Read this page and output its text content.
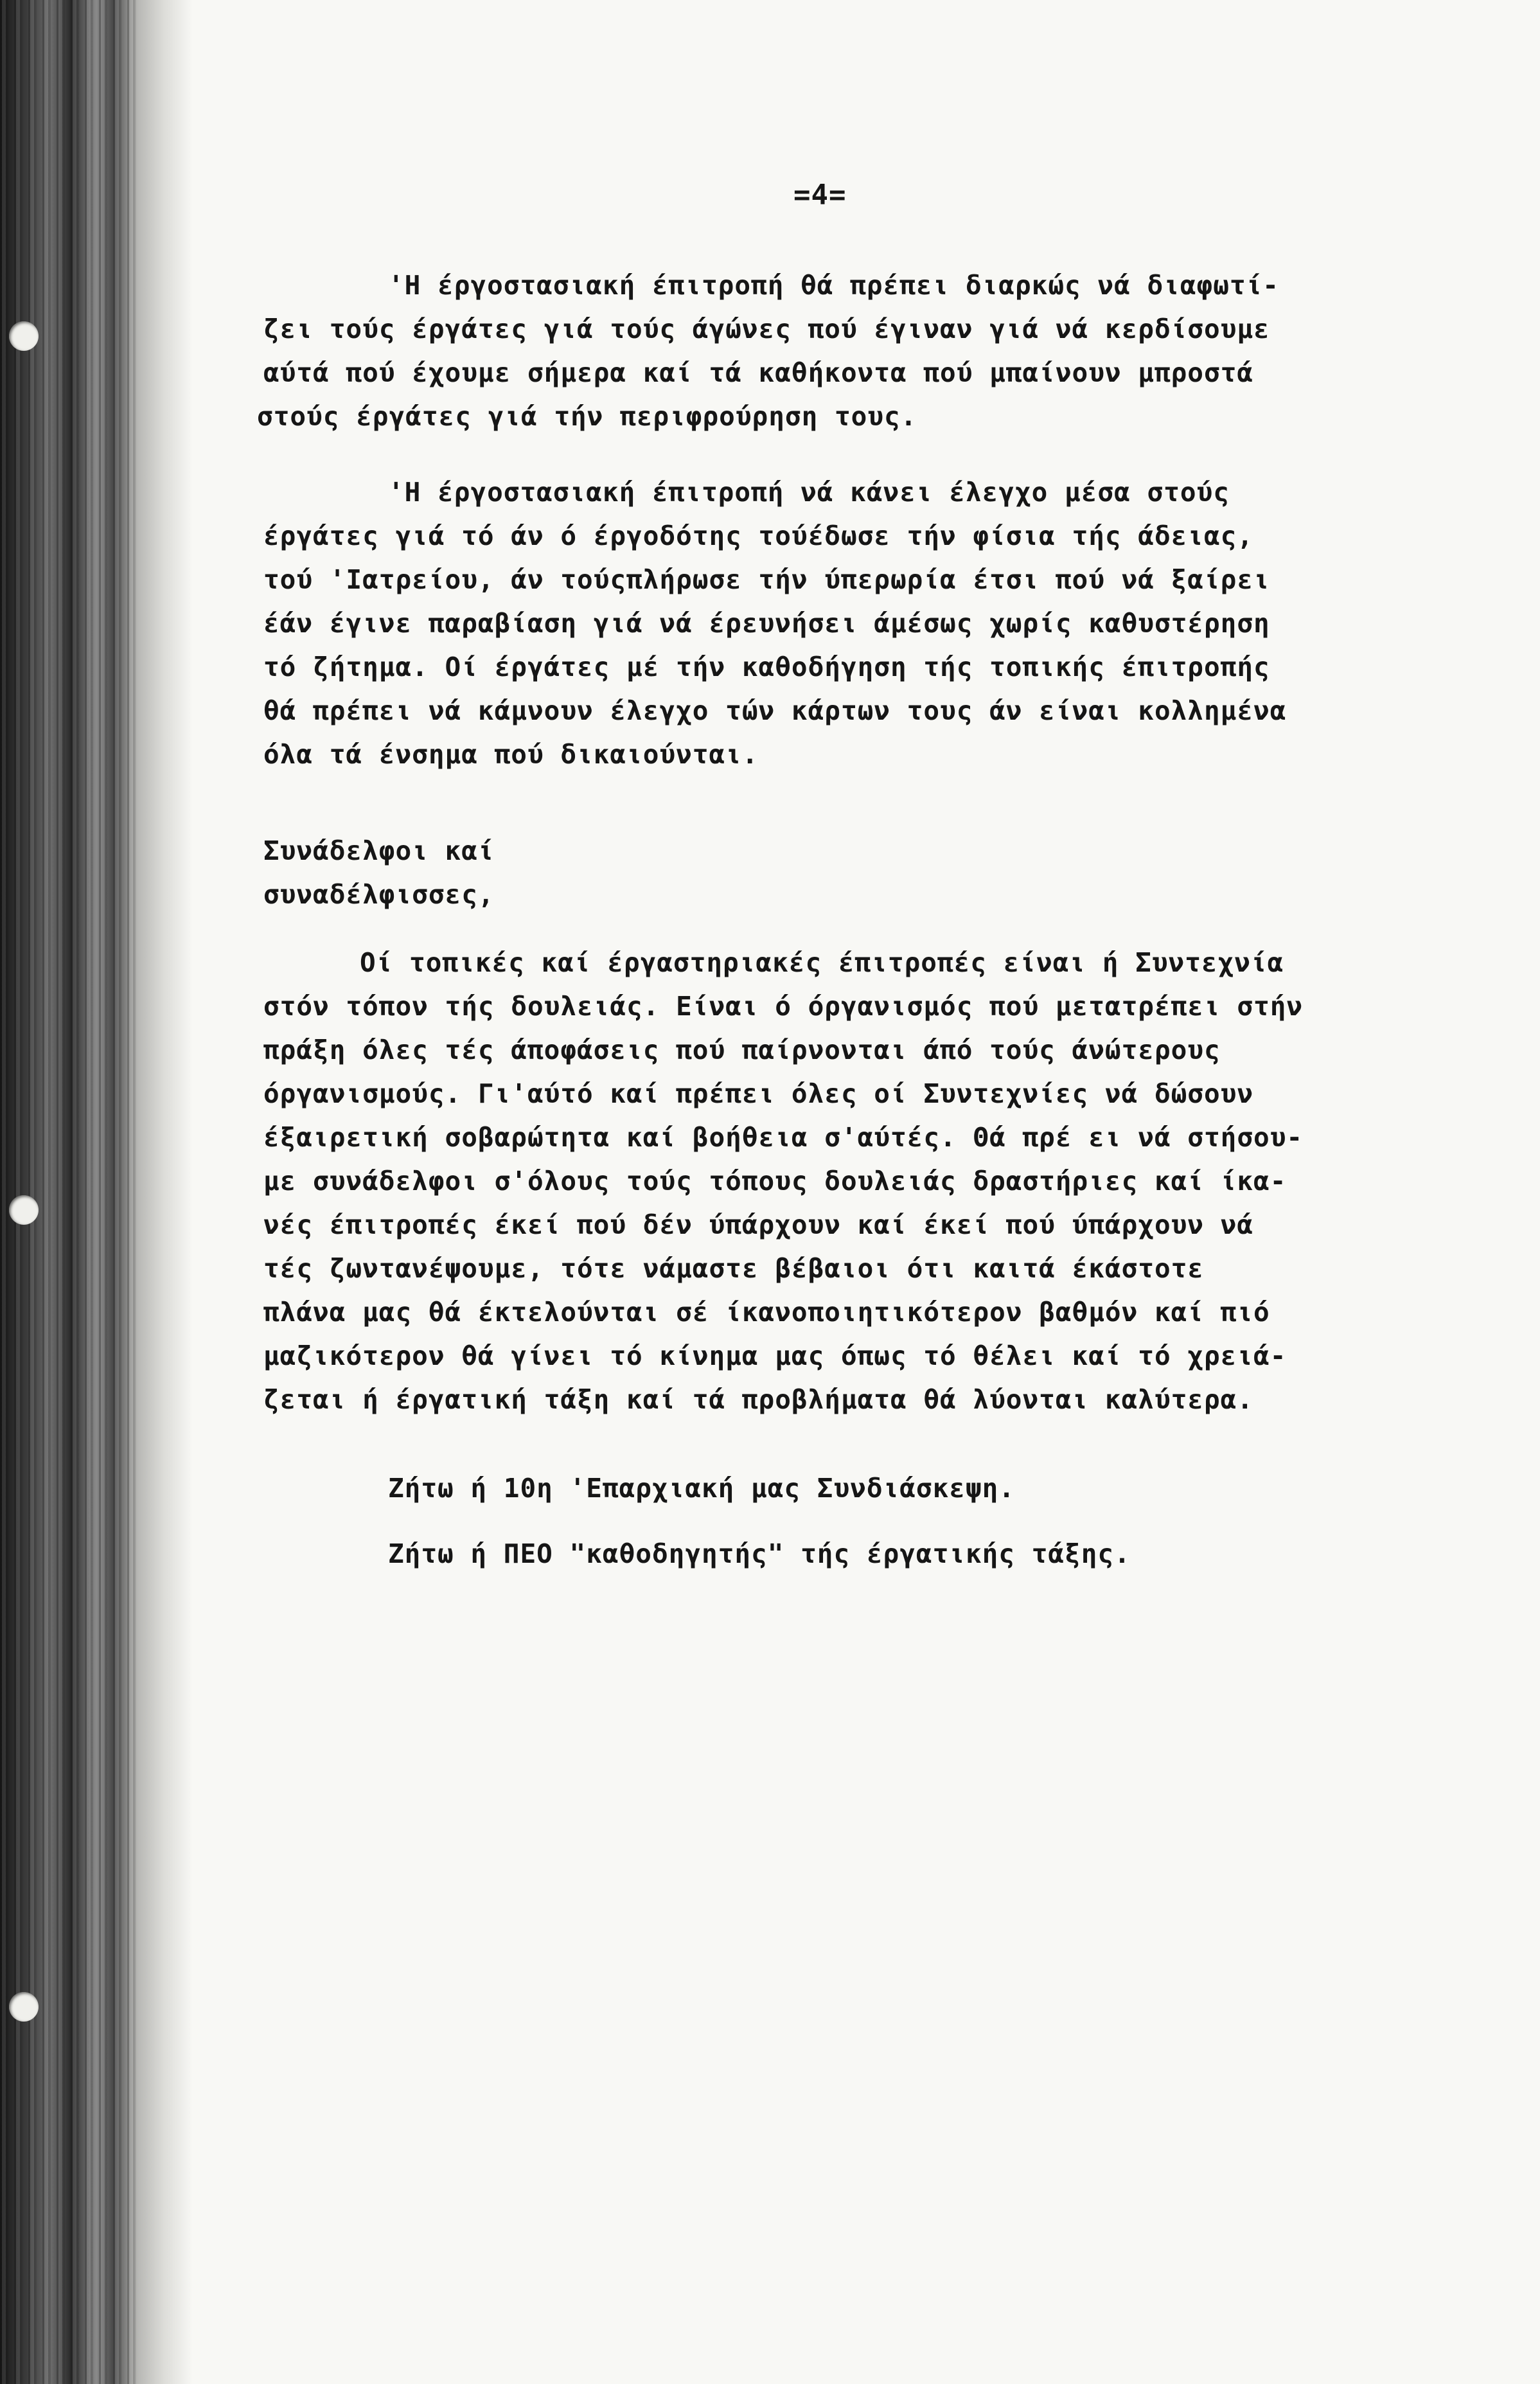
=4=
'Η έργοστασιακή έπιτροπή θά πρέπει διαρκώς νά διαφωτί-
ζει τούς έργάτες γιά τούς άγώνες πού έγιναν γιά νά κερδίσουμε
αύτά πού έχουμε σήμερα καί τά καθήκοντα πού μπαίνουν μπροστά
στούς έργάτες γιά τήν περιφρούρηση τους.
'Η έργοστασιακή έπιτροπή νά κάνει έλεγχο μέσα στούς
έργάτες γιά τό άν ό έργοδότης τούέδωσε τήν φίσια τής άδειας,
τού 'Ιατρείου, άν τούςπλήρωσε τήν ύπερωρία έτσι πού νά ξαίρει
έάν έγινε παραβίαση γιά νά έρευνήσει άμέσως χωρίς καθυστέρηση
τό ζήτημα. Οί έργάτες μέ τήν καθοδήγηση τής τοπικής έπιτροπής
θά πρέπει νά κάμνουν έλεγχο τών κάρτων τους άν είναι κολλημένα
όλα τά ένσημα πού δικαιούνται.
Συνάδελφοι καί
συναδέλφισσες,
Οί τοπικές καί έργαστηριακές έπιτροπές είναι ή Συντεχνία
στόν τόπον τής δουλειάς. Είναι ό όργανισμός πού μετατρέπει στήν
πράξη όλες τές άποφάσεις πού παίρνονται άπό τούς άνώτερους
όργανισμούς. Γι'αύτό καί πρέπει όλες οί Συντεχνίες νά δώσουν
έξαιρετική σοβαρώτητα καί βοήθεια σ'αύτές. Θά πρέ ει νά στήσου-
με συνάδελφοι σ'όλους τούς τόπους δουλειάς δραστήριες καί ίκα-
νές έπιτροπές έκεί πού δέν ύπάρχουν καί έκεί πού ύπάρχουν νά
τές ζωντανέψουμε, τότε νάμαστε βέβαιοι ότι καιτά έκάστοτε
πλάνα μας θά έκτελούνται σέ ίκανοποιητικότερον βαθμόν καί πιό
μαζικότερον θά γίνει τό κίνημα μας όπως τό θέλει καί τό χρειά-
ζεται ή έργατική τάξη καί τά προβλήματα θά λύονται καλύτερα.
Ζήτω ή 10η 'Επαρχιακή μας Συνδιάσκεψη.
Ζήτω ή ΠΕΟ "καθοδηγητής" τής έργατικής τάξης.
